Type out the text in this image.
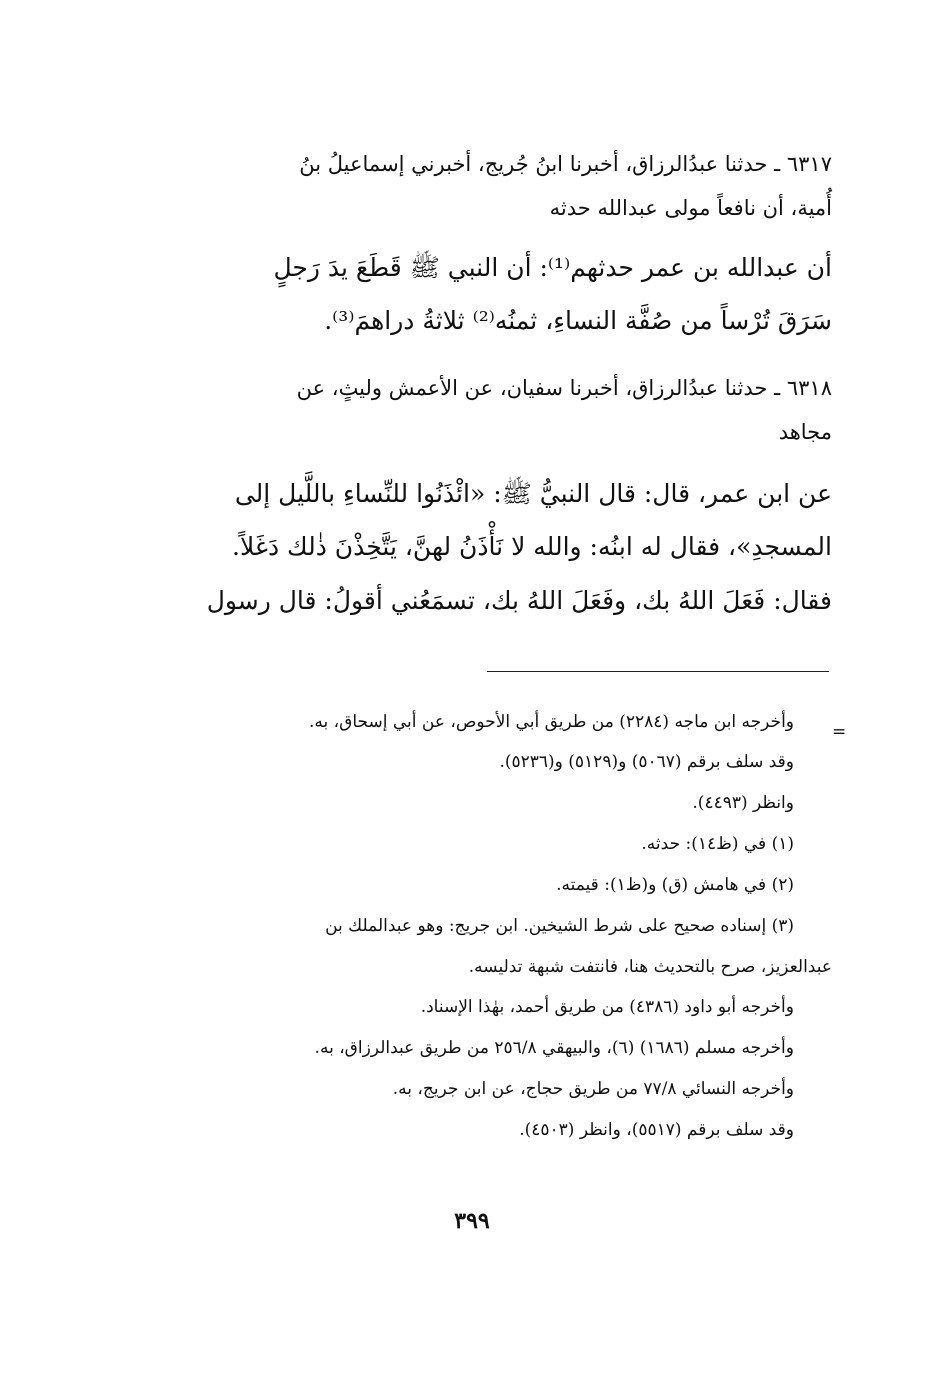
٦٣١٧ ـ حدثنا عبدُالرزاق، أخبرنا ابنُ جُريج، أخبرني إسماعيلُ بنُ
أُمية، أن نافعاً مولى عبدالله حدثه
أن عبدالله بن عمر حدثهم⁽¹⁾: أن النبي ﷺ قَطَعَ يدَ رَجلٍ
سَرَقَ تُرْساً من صُفَّة النساءِ، ثمنُه⁽²⁾ ثلاثةُ دراهمَ⁽³⁾.
٦٣١٨ ـ حدثنا عبدُالرزاق، أخبرنا سفيان، عن الأعمش وليثٍ، عن
مجاهد
عن ابن عمر، قال: قال النبيُّ ﷺ: «ائْذَنُوا للنِّساءِ باللَّيل إلى
المسجدِ»، فقال له ابنُه: والله لا نَأْذَنُ لهنَّ، يَتَّخِذْنَ ذٰلك دَغَلاً.
فقال: فَعَلَ اللهُ بك، وفَعَلَ اللهُ بك، تسمَعُني أقولُ: قال رسول
=
وأخرجه ابن ماجه (٢٢٨٤) من طريق أبي الأحوص، عن أبي إسحاق، به.
وقد سلف برقم (٥٠٦٧) و(٥١٢٩) و(٥٢٣٦).
وانظر (٤٤٩٣).
(١) في (ظ١٤): حدثه.
(٢) في هامش (ق) و(ظ١): قيمته.
(٣) إسناده صحيح على شرط الشيخين. ابن جريج: وهو عبدالملك بن
عبدالعزيز، صرح بالتحديث هنا، فانتفت شبهة تدليسه.
وأخرجه أبو داود (٤٣٨٦) من طريق أحمد، بهٰذا الإسناد.
وأخرجه مسلم (١٦٨٦) (٦)، والبيهقي ٢٥٦/٨ من طريق عبدالرزاق، به.
وأخرجه النسائي ٧٧/٨ من طريق حجاج، عن ابن جريج، به.
وقد سلف برقم (٥٥١٧)، وانظر (٤٥٠٣).
٣٩٩
